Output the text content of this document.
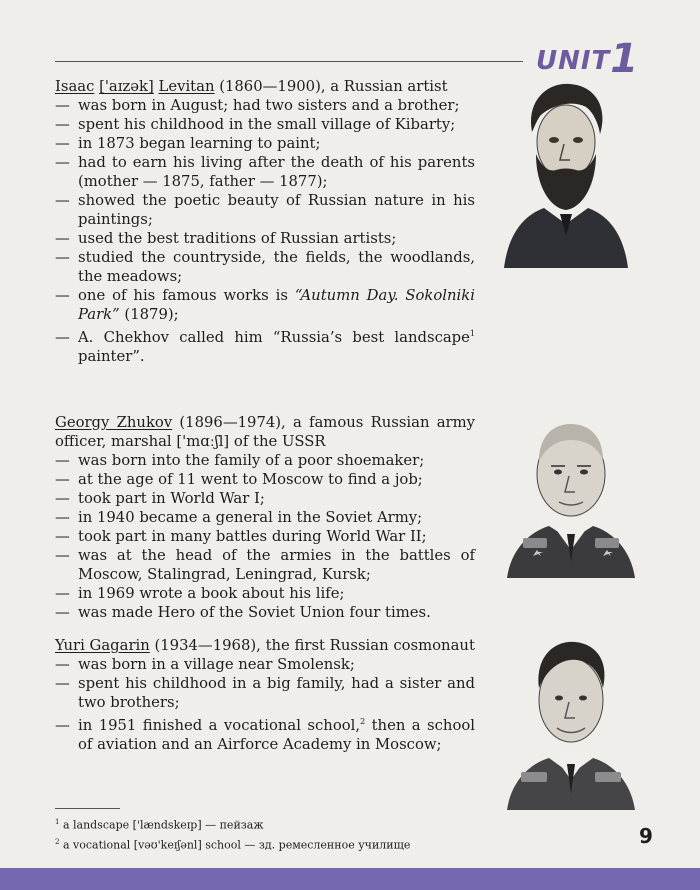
UNIT1

Isaac ['aɪzək] Levitan (1860—1900), a Russian artist

— was born in August; had two sisters and a brother;

— spent his childhood in the small village of Kibarty;

— in 1873 began learning to paint;

— had to earn his living after the death of his parents (mother — 1875, father — 1877);

— showed the poetic beauty of Russian nature in his paintings;

— used the best traditions of Russian artists;

— studied the countryside, the fields, the woodlands, the meadows;

— one of his famous works is “Autumn Day. Sokolniki Park” (1879);

— A. Chekhov called him “Russia’s best landscape$^1$ painter”.

Georgy Zhukov (1896—1974), a famous Russian army officer, marshal ['mɑːʃl] of the USSR

— was born into the family of a poor shoemaker;

— at the age of 11 went to Moscow to find a job;

— took part in World War I;

— in 1940 became a general in the Soviet Army;

— took part in many battles during World War II;

— was at the head of the armies in the battles of Moscow, Stalingrad, Leningrad, Kursk;

— in 1969 wrote a book about his life;

— was made Hero of the Soviet Union four times.

Yuri Gagarin (1934—1968), the first Russian cosmonaut

— was born in a village near Smolensk;

— spent his childhood in a big family, had a sister and two brothers;

— in 1951 finished a vocational school,$^2$ then a school of aviation and an Airforce Academy in Moscow;

$^1$ a landscape ['lændskeɪp] — пейзаж

$^2$ a vocational [vəʊ'keɪʃənl] school — зд. ремесленное училище	9
